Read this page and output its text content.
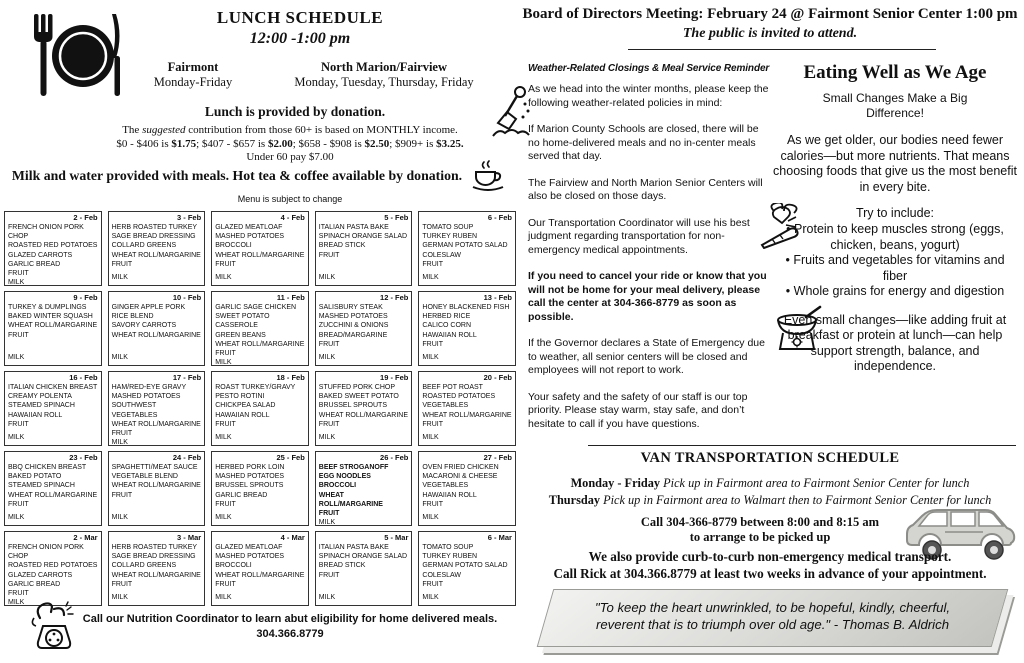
LUNCH SCHEDULE
12:00 -1:00 pm
Fairmont
Monday-Friday
North Marion/Fairview
Monday, Tuesday, Thursday, Friday
Lunch is provided by donation.
The suggested contribution from those 60+ is based on MONTHLY income.
$0 - $406 is $1.75; $407 - $657 is $2.00; $658 - $908 is $2.50; $909+ is $3.25.
Under 60 pay $7.00
Milk and water provided with meals. Hot tea & coffee available by donation.
Menu is subject to change
2 - Feb
FRENCH ONION PORK CHOP
ROASTED RED POTATOES
GLAZED CARROTS
GARLIC BREAD
FRUIT
MILK
3 - Feb
HERB ROASTED TURKEY
SAGE BREAD DRESSING
COLLARD GREENS
WHEAT ROLL/MARGARINE
FRUIT
MILK
4 - Feb
GLAZED MEATLOAF
MASHED POTATOES
BROCCOLI
WHEAT ROLL/MARGARINE
FRUIT
MILK
5 - Feb
ITALIAN PASTA BAKE
SPINACH ORANGE SALAD
BREAD STICK
FRUIT
MILK
6 - Feb
TOMATO SOUP
TURKEY RUBEN
GERMAN POTATO SALAD
COLESLAW
FRUIT
MILK
9 - Feb
TURKEY & DUMPLINGS
BAKED WINTER SQUASH
WHEAT ROLL/MARGARINE
FRUIT
MILK
10 - Feb
GINGER APPLE PORK
RICE BLEND
SAVORY CARROTS
WHEAT ROLL/MARGARINE
MILK
11 - Feb
GARLIC SAGE CHICKEN
SWEET POTATO CASSEROLE
GREEN BEANS
WHEAT ROLL/MARGARINE
FRUIT
MILK
12 - Feb
SALISBURY STEAK
MASHED POTATOES
ZUCCHINI & ONIONS
BREAD/MARGARINE
FRUIT
MILK
13 - Feb
HONEY BLACKENED FISH
HERBED RICE
CALICO CORN
HAWAIIAN ROLL
FRUIT
MILK
16 - Feb
ITALIAN CHICKEN BREAST
CREAMY POLENTA
STEAMED SPINACH
HAWAIIAN ROLL
FRUIT
MILK
17 - Feb
HAM/RED-EYE GRAVY
MASHED POTATOES
SOUTHWEST VEGETABLES
WHEAT ROLL/MARGARINE
FRUIT
MILK
18 - Feb
ROAST TURKEY/GRAVY
PESTO ROTINI
CHICKPEA SALAD
HAWAIIAN ROLL
FRUIT
MILK
19 - Feb
STUFFED PORK CHOP
BAKED SWEET POTATO
BRUSSEL SPROUTS
WHEAT ROLL/MARGARINE
FRUIT
MILK
20 - Feb
BEEF POT ROAST
ROASTED POTATOES
VEGETABLES
WHEAT ROLL/MARGARINE
FRUIT
MILK
23 - Feb
BBQ CHICKEN BREAST
BAKED POTATO
STEAMED SPINACH
WHEAT ROLL/MARGARINE
FRUIT
MILK
24 - Feb
SPAGHETTI/MEAT SAUCE
VEGETABLE BLEND
WHEAT ROLL/MARGARINE
FRUIT
MILK
25 - Feb
HERBED PORK LOIN
MASHED POTATOES
BRUSSEL SPROUTS
GARLIC BREAD
FRUIT
MILK
26 - Feb
BEEF STROGANOFF
EGG NOODLES
BROCCOLI
WHEAT ROLL/MARGARINE
FRUIT
MILK
27 - Feb
OVEN FRIED CHICKEN
MACARONI & CHEESE
VEGETABLES
HAWAIIAN ROLL
FRUIT
MILK
2 - Mar
FRENCH ONION PORK CHOP
ROASTED RED POTATOES
GLAZED CARROTS
GARLIC BREAD
FRUIT
MILK
3 - Mar
HERB ROASTED TURKEY
SAGE BREAD DRESSING
COLLARD GREENS
WHEAT ROLL/MARGARINE
FRUIT
MILK
4 - Mar
GLAZED MEATLOAF
MASHED POTATOES
BROCCOLI
WHEAT ROLL/MARGARINE
FRUIT
MILK
5 - Mar
ITALIAN PASTA BAKE
SPINACH ORANGE SALAD
BREAD STICK
FRUIT
MILK
6 - Mar
TOMATO SOUP
TURKEY RUBEN
GERMAN POTATO SALAD
COLESLAW
FRUIT
MILK
Call our Nutrition Coordinator to learn abut eligibility for home delivered meals.
304.366.8779
Board of Directors Meeting: February 24 @ Fairmont Senior Center 1:00 pm
The public is invited to attend.
Weather-Related Closings & Meal Service Reminder

As we head into the winter months, please keep the following weather-related policies in mind:

If Marion County Schools are closed, there will be no home-delivered meals and no in-center meals served that day.

The Fairview and North Marion Senior Centers will also be closed on those days.

Our Transportation Coordinator will use his best judgment regarding transportation for non-emergency medical appointments.

If you need to cancel your ride or know that you will not be home for your meal delivery, please call the center at 304-366-8779 as soon as possible.

If the Governor declares a State of Emergency due to weather, all senior centers will be closed and employees will not report to work.

Your safety and the safety of our staff is our top priority. Please stay warm, stay safe, and don’t hesitate to call if you have questions.

Eating Well as We Age
Small Changes Make a Big Difference!
As we get older, our bodies need fewer calories—but more nutrients. That means choosing foods that give us the most benefit in every bite.
Try to include:
• Protein to keep muscles strong (eggs, chicken, beans, yogurt)
• Fruits and vegetables for vitamins and fiber
• Whole grains for energy and digestion
Even small changes—like adding fruit at breakfast or protein at lunch—can help support strength, balance, and independence.
VAN TRANSPORTATION SCHEDULE
Monday - Friday Pick up in Fairmont area to Fairmont Senior Center for lunch
Thursday Pick up in Fairmont area to Walmart then to Fairmont Senior Center for lunch
Call 304-366-8779 between 8:00 and 8:15 am
to arrange to be picked up
We also provide curb-to-curb non-emergency medical transport.
Call Rick at 304.366.8779 at least two weeks in advance of your appointment.
"To keep the heart unwrinkled, to be hopeful, kindly, cheerful, reverent that is to triumph over old age." - Thomas B. Aldrich
